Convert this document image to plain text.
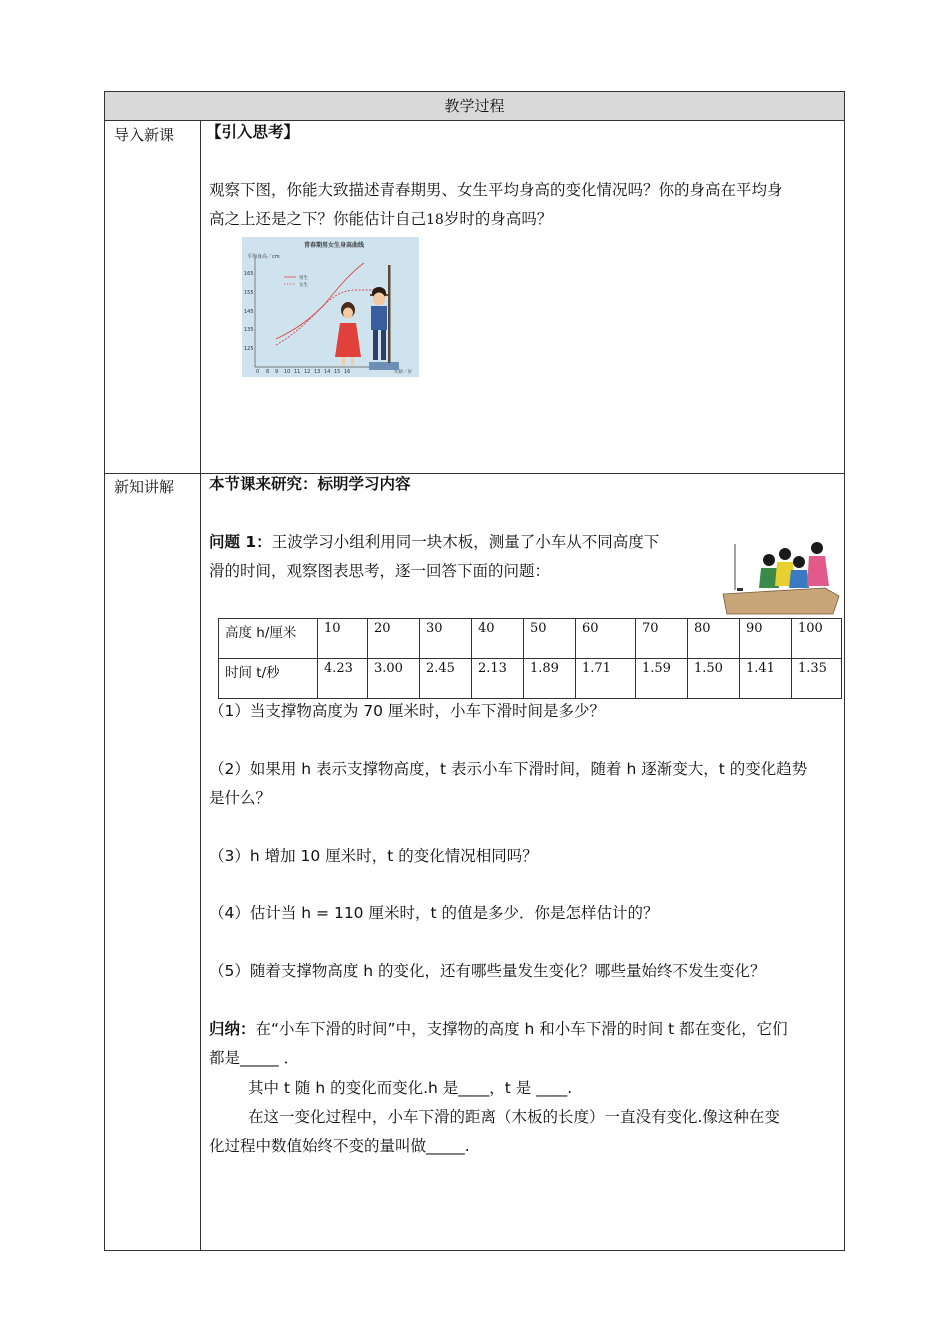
教学过程
导入新课 【引入思考】
观察下图，你能大致描述青春期男、女生平均身高的变化情况吗？你的身高在平均身
高之上还是之下？你能估计自己18岁时的身高吗？
青春期男女生身高曲线
平均身高／cm
男生
女生
165
155
145
135
125
0 8 9 10 11 12 13 14 15 16	年龄／岁
新知讲解 本节课来研究：标明学习内容
问题 1：王波学习小组利用同一块木板，测量了小车从不同高度下
滑的时间，观察图表思考，逐一回答下面的问题：
高度 h/厘米	10	20	30	40	50	60	70	80	90	100
时间 t/秒	4.23	3.00	2.45	2.13	1.89	1.71	1.59	1.50	1.41	1.35
（1）当支撑物高度为 70 厘米时，小车下滑时间是多少？
（2）如果用 h 表示支撑物高度，t 表示小车下滑时间，随着 h 逐渐变大，t 的变化趋势
是什么？
（3）h 增加 10 厘米时，t 的变化情况相同吗？
（4）估计当 h = 110 厘米时，t 的值是多少．你是怎样估计的？
（5）随着支撑物高度 h 的变化，还有哪些量发生变化？哪些量始终不发生变化？
归纳：在“小车下滑的时间”中，支撑物的高度 h 和小车下滑的时间 t 都在变化，它们
都是_____ ．
其中 t 随 h 的变化而变化.h 是____，t 是 ____.
在这一变化过程中，小车下滑的距离（木板的长度）一直没有变化.像这种在变
化过程中数值始终不变的量叫做_____.
